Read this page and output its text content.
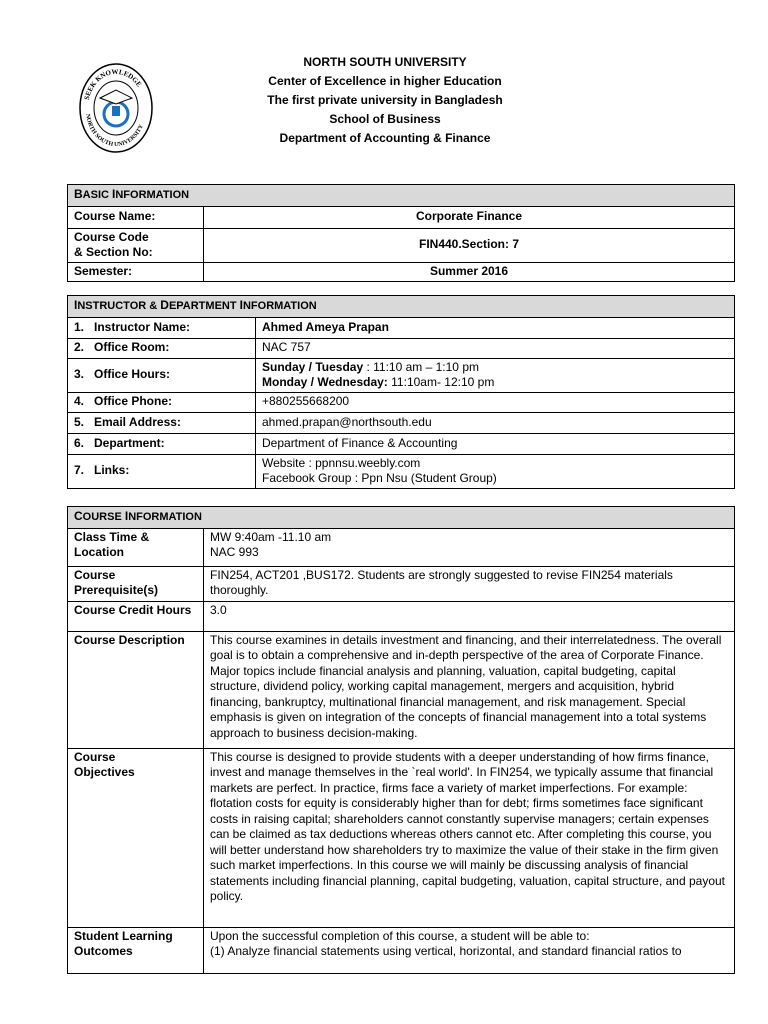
SEEK KNOWLEDGE
NORTH SOUTH UNIVERSITY
NORTH SOUTH UNIVERSITY
Center of Excellence in higher Education
The first private university in Bangladesh
School of Business
Department of Accounting & Finance
BASIC INFORMATION	
Course Name:	Corporate Finance
Course Code
& Section No:	FIN440.Section: 7
Semester:	Summer 2016
INSTRUCTOR & DEPARTMENT INFORMATION	
1. Instructor Name:	Ahmed Ameya Prapan
2. Office Room:	NAC 757
3. Office Hours:	Sunday / Tuesday : 11:10 am – 1:10 pm
Monday / Wednesday: 11:10am- 12:10 pm
4. Office Phone:	+880255668200
5. Email Address:	ahmed.prapan@northsouth.edu
6. Department:	Department of Finance & Accounting
7. Links:	Website : ppnnsu.weebly.com
Facebook Group : Ppn Nsu (Student Group)
COURSE INFORMATION	
Class Time &
Location	MW 9:40am -11.10 am
NAC 993
Course
Prerequisite(s)	FIN254, ACT201 ,BUS172. Students are strongly suggested to revise FIN254 materials thoroughly.
Course Credit Hours	3.0
Course Description	This course examines in details investment and financing, and their interrelatedness. The overall goal is to obtain a comprehensive and in-depth perspective of the area of Corporate Finance. Major topics include financial analysis and planning, valuation, capital budgeting, capital structure, dividend policy, working capital management, mergers and acquisition, hybrid financing, bankruptcy, multinational financial management, and risk management. Special emphasis is given on integration of the concepts of financial management into a total systems approach to business decision-making.
Course
Objectives	This course is designed to provide students with a deeper understanding of how firms finance, invest and manage themselves in the `real world'. In FIN254, we typically assume that financial markets are perfect. In practice, firms face a variety of market imperfections. For example: flotation costs for equity is considerably higher than for debt; firms sometimes face significant costs in raising capital; shareholders cannot constantly supervise managers; certain expenses can be claimed as tax deductions whereas others cannot etc. After completing this course, you will better understand how shareholders try to maximize the value of their stake in the firm given such market imperfections. In this course we will mainly be discussing analysis of financial statements including financial planning, capital budgeting, valuation, capital structure, and payout policy.
Student Learning
Outcomes	Upon the successful completion of this course, a student will be able to:
(1) Analyze financial statements using vertical, horizontal, and standard financial ratios to
